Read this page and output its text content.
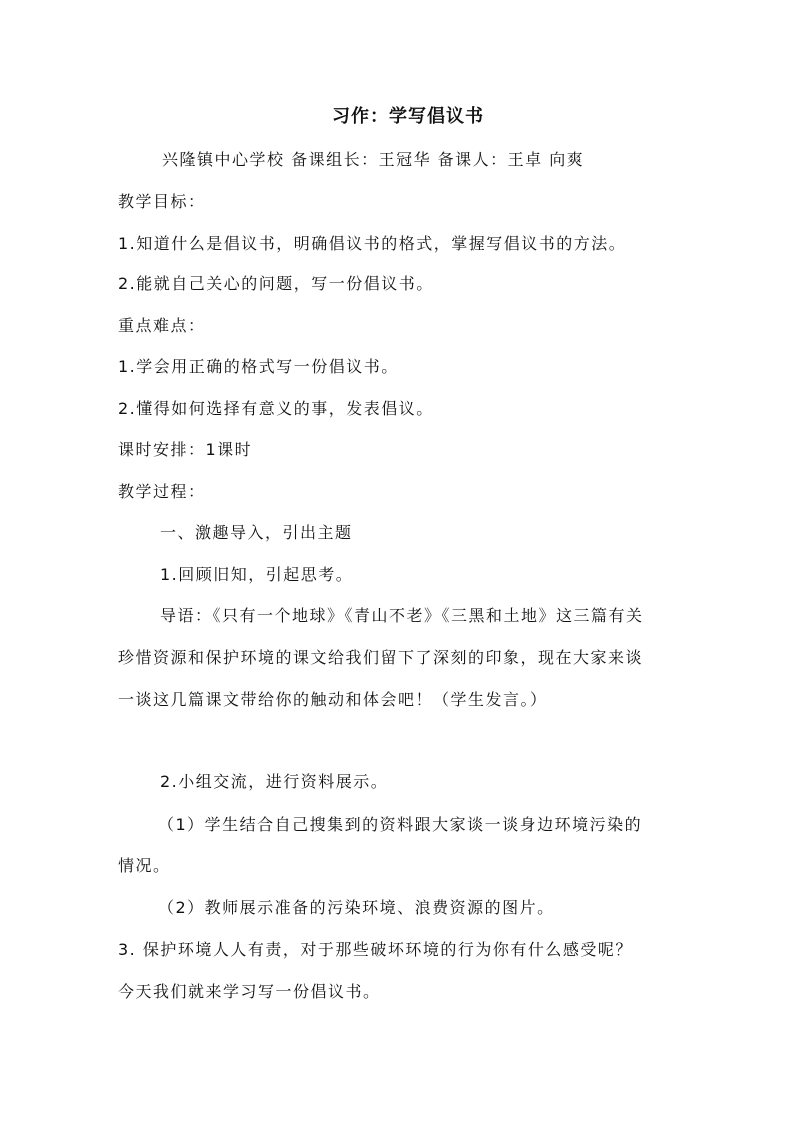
习作：学写倡议书
兴隆镇中心学校 备课组长：王冠华 备课人：王卓 向爽
教学目标：
1.知道什么是倡议书，明确倡议书的格式，掌握写倡议书的方法。
2.能就自己关心的问题，写一份倡议书。
重点难点：
1.学会用正确的格式写一份倡议书。
2.懂得如何选择有意义的事，发表倡议。
课时安排：1课时
教学过程：
一、激趣导入，引出主题
1.回顾旧知，引起思考。
导语：《只有一个地球》《青山不老》《三黑和土地》这三篇有关
珍惜资源和保护环境的课文给我们留下了深刻的印象，现在大家来谈
一谈这几篇课文带给你的触动和体会吧！（学生发言。）
2.小组交流，进行资料展示。
（1）学生结合自己搜集到的资料跟大家谈一谈身边环境污染的
情况。
（2）教师展示准备的污染环境、浪费资源的图片。
3. 保护环境人人有责，对于那些破坏环境的行为你有什么感受呢？
今天我们就来学习写一份倡议书。
